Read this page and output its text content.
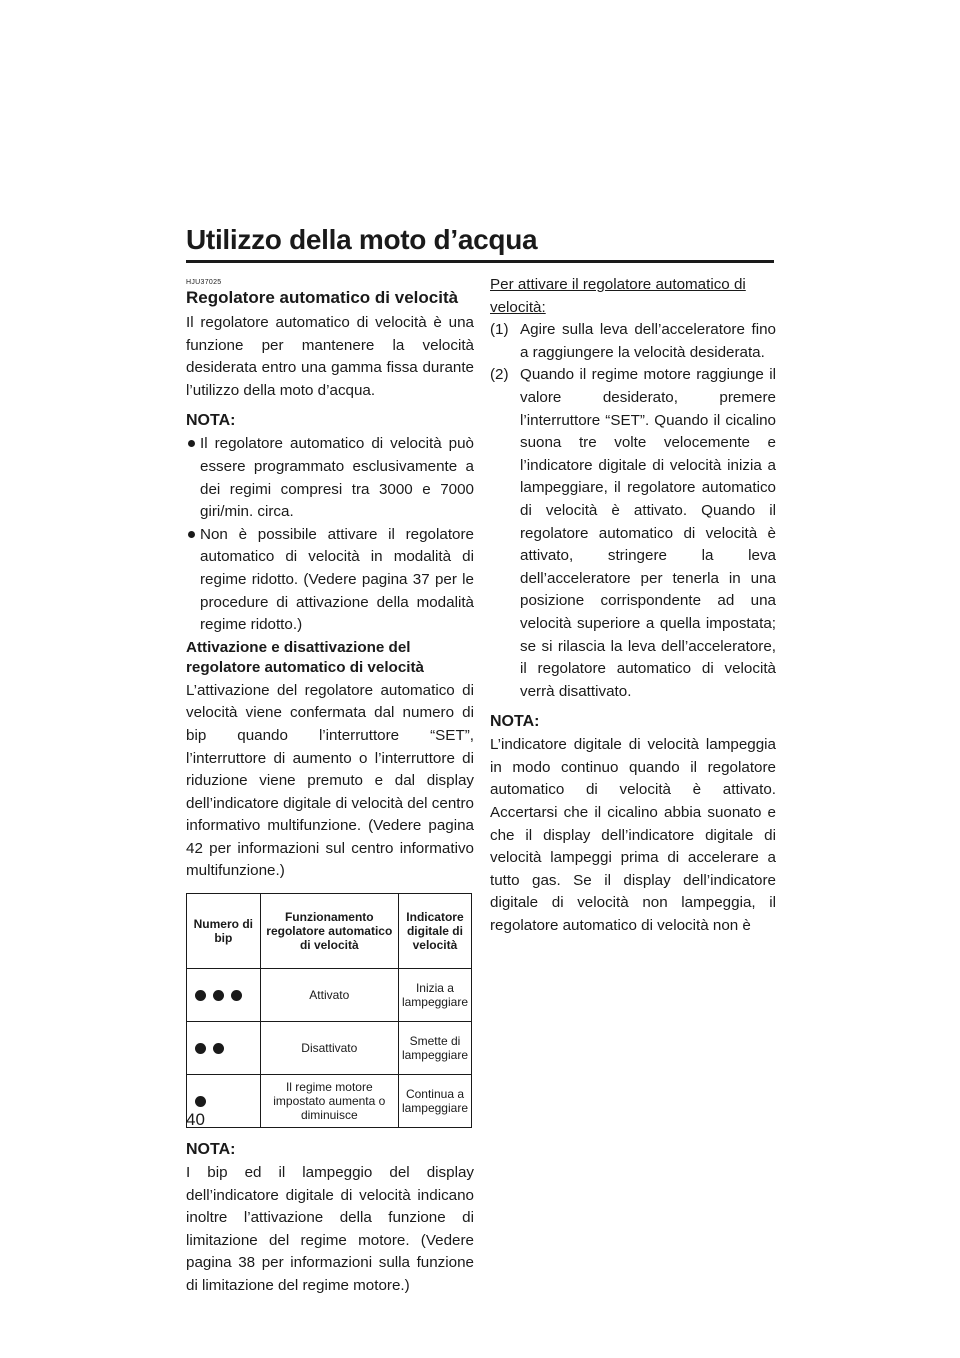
Utilizzo della moto d’acqua
HJU37025
Regolatore automatico di velocità

Il regolatore automatico di velocità è una funzione per mantenere la velocità desiderata entro una gamma fissa durante l’utilizzo della moto d’acqua.

NOTA:
Il regolatore automatico di velocità può essere programmato esclusivamente a dei regimi compresi tra 3000 e 7000 giri/min. circa.
Non è possibile attivare il regolatore automatico di velocità in modalità di regime ridotto. (Vedere pagina 37 per le procedure di attivazione della modalità regime ridotto.)
Attivazione e disattivazione del regolatore automatico di velocità

L’attivazione del regolatore automatico di velocità viene confermata dal numero di bip quando l’interruttore “SET”, l’interruttore di aumento o l’interruttore di riduzione viene premuto e dal display dell’indicatore digitale di velocità del centro informativo multifunzione. (Vedere pagina 42 per informazioni sul centro informativo multifunzione.)

Numero di bip	Funzionamento regolatore automatico di velocità	Indicatore digitale di velocità
	Attivato	Inizia a lampeggiare
	Disattivato	Smette di lampeggiare
	Il regime motore impostato aumenta o diminuisce	Continua a lampeggiare
NOTA:

I bip ed il lampeggio del display dell’indicatore digitale di velocità indicano inoltre l’attivazione della funzione di limitazione del regime motore. (Vedere pagina 38 per informazioni sulla funzione di limitazione del regime motore.)

Per attivare il regolatore automatico di velocità:

(1) Agire sulla leva dell’acceleratore fino a raggiungere la velocità desiderata.
(2) Quando il regime motore raggiunge il valore desiderato, premere l’interruttore “SET”. Quando il cicalino suona tre volte velocemente e l’indicatore digitale di velocità inizia a lampeggiare, il regolatore automatico di velocità è attivato. Quando il regolatore automatico di velocità è attivato, stringere la leva dell’acceleratore per tenerla in una posizione corrispondente ad una velocità superiore a quella impostata; se si rilascia la leva dell’acceleratore, il regolatore automatico di velocità verrà disattivato.
NOTA:

L’indicatore digitale di velocità lampeggia in modo continuo quando il regolatore automatico di velocità è attivato. Accertarsi che il cicalino abbia suonato e che il display dell’indicatore digitale di velocità lampeggi prima di accelerare a tutto gas. Se il display dell’indicatore digitale di velocità non lampeggia, il regolatore automatico di velocità non è

40
